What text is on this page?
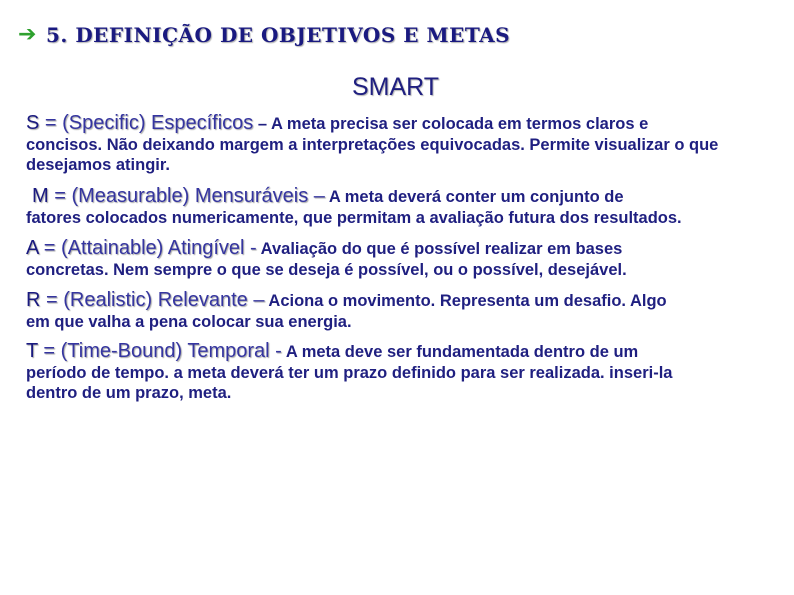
➔ 5. DEFINIÇÃO DE OBJETIVOS E METAS
SMART
S = (Specific) Específicos – A meta precisa ser colocada em termos claros e
concisos. Não deixando margem a interpretações equivocadas. Permite visualizar o que desejamos atingir.
M = (Measurable) Mensuráveis – A meta deverá conter um conjunto de
fatores colocados numericamente, que permitam a avaliação futura dos resultados.
A = (Attainable) Atingível - Avaliação do que é possível realizar em bases
concretas. Nem sempre o que se deseja é possível, ou o possível, desejável.
R = (Realistic) Relevante – Aciona o movimento. Representa um desafio. Algo
em que valha a pena colocar sua energia.
T = (Time-Bound) Temporal - A meta deve ser fundamentada dentro de um
período de tempo. a meta deverá ter um prazo definido para ser realizada. inseri-la dentro de um prazo, meta.
